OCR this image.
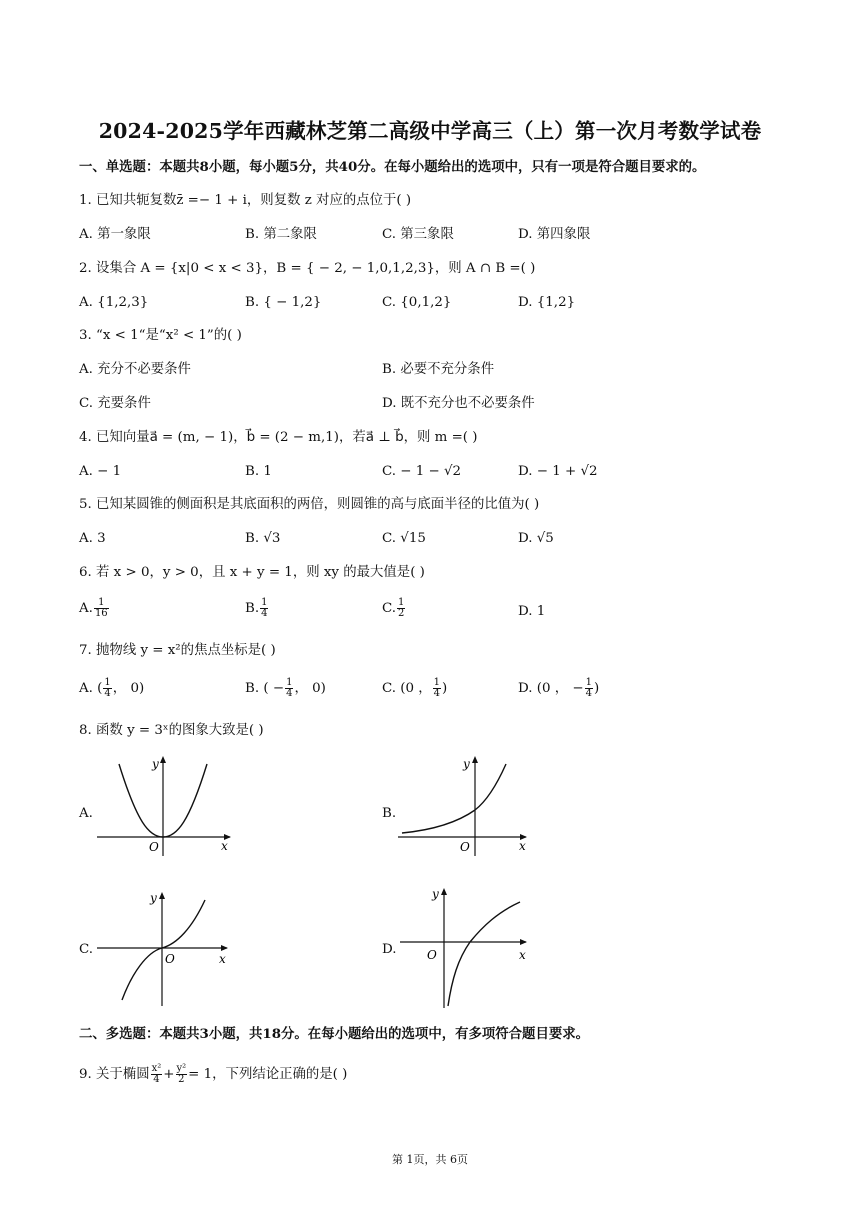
2024-2025学年西藏林芝第二高级中学高三（上）第一次月考数学试卷
一、单选题：本题共8小题，每小题5分，共40分。在每小题给出的选项中，只有一项是符合题目要求的。
1. 已知共轭复数z̄ =− 1 + i，则复数 z 对应的点位于( )
A. 第一象限	B. 第二象限	C. 第三象限	D. 第四象限
2. 设集合 A = {x|0 < x < 3}，B = { − 2, − 1,0,1,2,3}，则 A ∩ B =( )
A. {1,2,3}	B. { − 1,2}	C. {0,1,2}	D. {1,2}
3. “x < 1“是“x² < 1”的( )
A. 充分不必要条件	B. 必要不充分条件
C. 充要条件	D. 既不充分也不必要条件
4. 已知向量a⃗ = (m, − 1)，b⃗ = (2 − m,1)，若a⃗ ⊥ b⃗，则 m =( )
A. − 1	B. 1	C. − 1 − √2	D. − 1 + √2
5. 已知某圆锥的侧面积是其底面积的两倍，则圆锥的高与底面半径的比值为( )
A. 3	B. √3	C. √15	D. √5
6. 若 x > 0，y > 0，且 x + y = 1，则 xy 的最大值是( )
A. $\frac{1}{16}$	B. $\frac{1}{4}$	C. $\frac{1}{2}$	D. 1
7. 抛物线 y = x²的焦点坐标是( )
A. ( $\frac{1}{4}$ ， 0)	B. ( − $\frac{1}{4}$ ， 0)	C. (0 ， $\frac{1}{4}$ )	D. (0 ， − $\frac{1}{4}$ )
8. 函数 y = 3ˣ的图象大致是( )
A.
y
x
O
B.
y
x
O
C.
y
x
O
D.
y
x
O
二、多选题：本题共3小题，共18分。在每小题给出的选项中，有多项符合题目要求。
9. 关于椭圆 $\frac{\text{x²}}{4} + \frac{\text{y²}}{2} = 1$，下列结论正确的是( )
第 1页，共 6页
